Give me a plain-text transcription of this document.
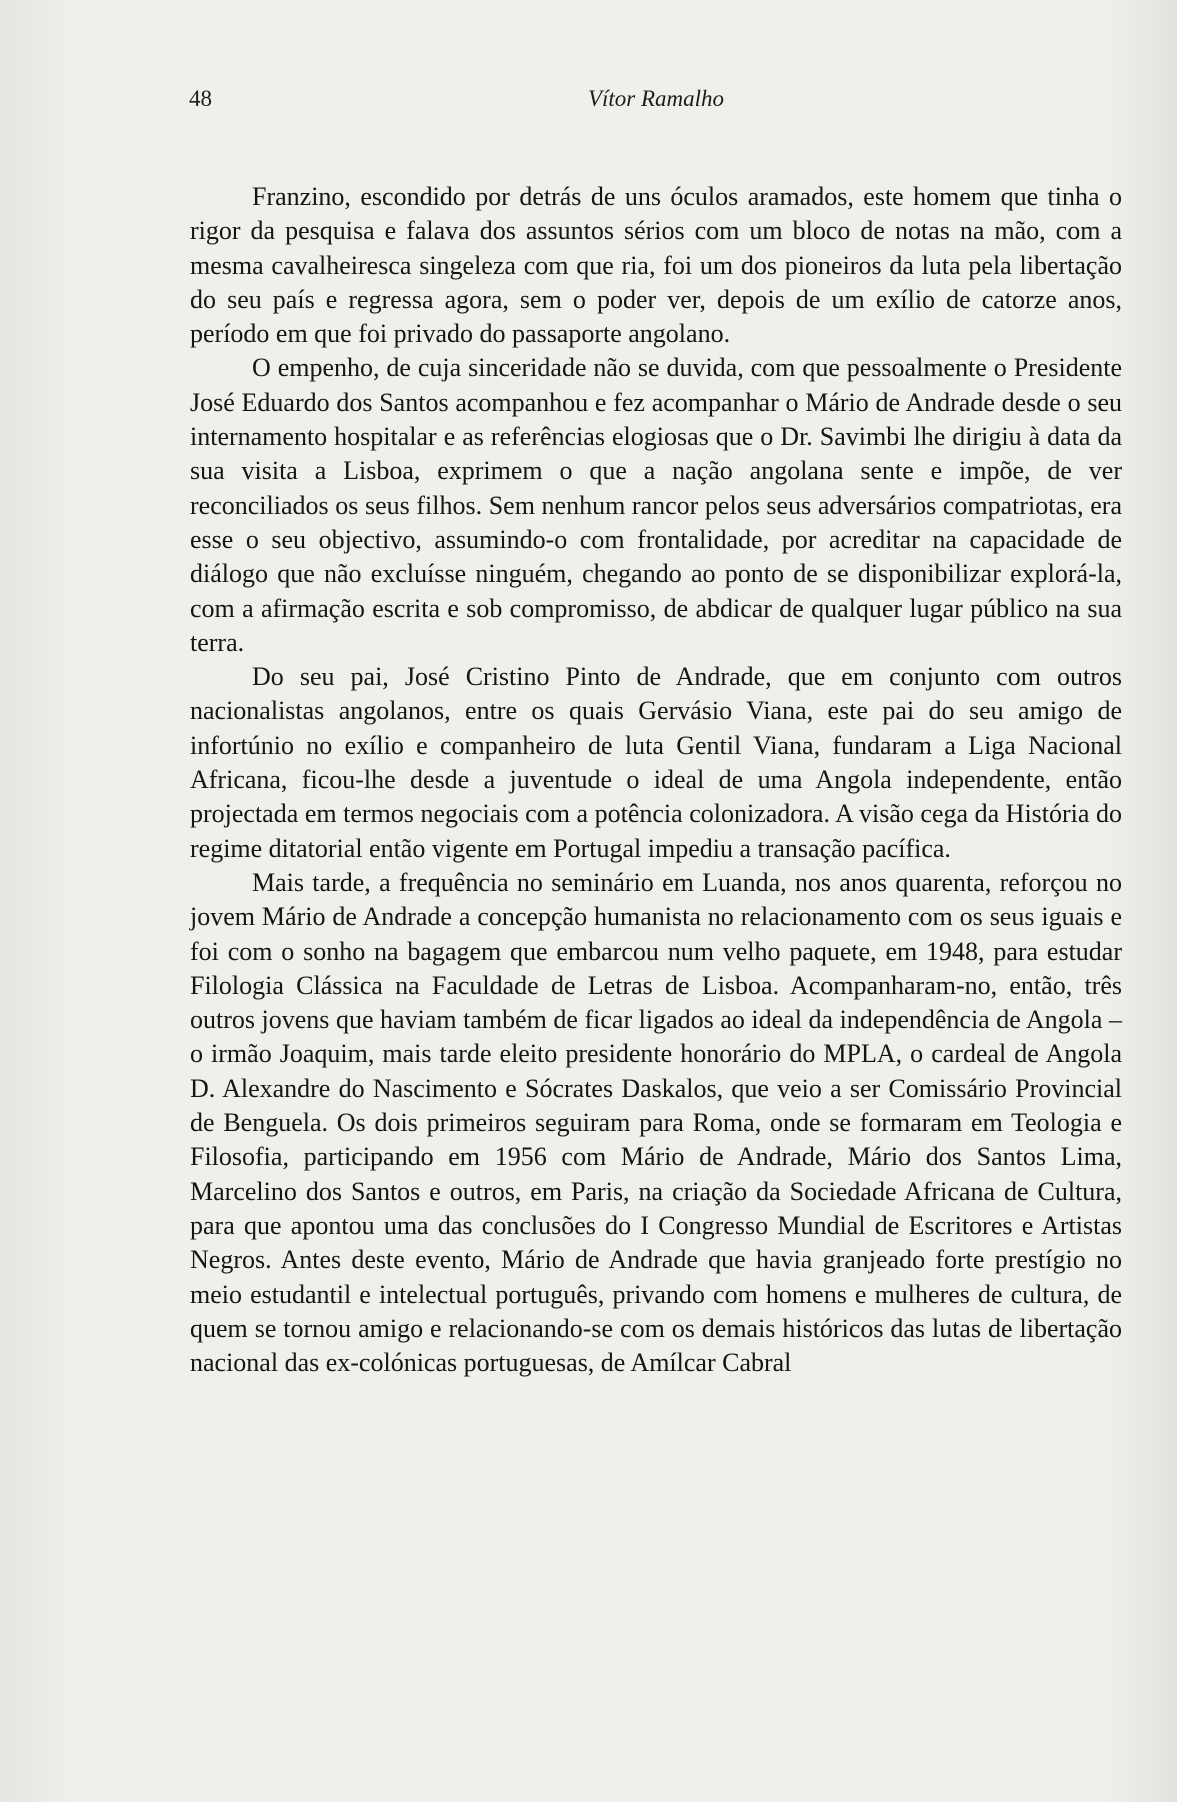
48	Vítor Ramalho

Franzino, escondido por detrás de uns óculos aramados, este homem que tinha o rigor da pesquisa e falava dos assuntos sérios com um bloco de notas na mão, com a mesma cavalheiresca singeleza com que ria, foi um dos pioneiros da luta pela libertação do seu país e regressa agora, sem o poder ver, depois de um exílio de catorze anos, período em que foi privado do passaporte angolano.

O empenho, de cuja sinceridade não se duvida, com que pessoalmente o Presidente José Eduardo dos Santos acompanhou e fez acompanhar o Mário de Andrade desde o seu internamento hospitalar e as referências elogiosas que o Dr. Savimbi lhe dirigiu à data da sua visita a Lisboa, exprimem o que a nação angolana sente e impõe, de ver reconciliados os seus filhos. Sem nenhum rancor pelos seus adversários compatriotas, era esse o seu objectivo, assumindo-o com frontalidade, por acreditar na capacidade de diálogo que não excluísse ninguém, chegando ao ponto de se disponibilizar explorá-la, com a afirmação escrita e sob compromisso, de abdicar de qualquer lugar público na sua terra.

Do seu pai, José Cristino Pinto de Andrade, que em conjunto com outros nacionalistas angolanos, entre os quais Gervásio Viana, este pai do seu amigo de infortúnio no exílio e companheiro de luta Gentil Viana, fundaram a Liga Nacional Africana, ficou-lhe desde a juventude o ideal de uma Angola independente, então projectada em termos negociais com a potência colonizadora. A visão cega da História do regime ditatorial então vigente em Portugal impediu a transação pacífica.

Mais tarde, a frequência no seminário em Luanda, nos anos quarenta, reforçou no jovem Mário de Andrade a concepção humanista no relacionamento com os seus iguais e foi com o sonho na bagagem que embarcou num velho paquete, em 1948, para estudar Filologia Clássica na Faculdade de Letras de Lisboa. Acompanharam-no, então, três outros jovens que haviam também de ficar ligados ao ideal da independência de Angola – o irmão Joaquim, mais tarde eleito presidente honorário do MPLA, o cardeal de Angola D. Alexandre do Nascimento e Sócrates Daskalos, que veio a ser Comissário Provincial de Benguela. Os dois primeiros seguiram para Roma, onde se formaram em Teologia e Filosofia, participando em 1956 com Mário de Andrade, Mário dos Santos Lima, Marcelino dos Santos e outros, em Paris, na criação da Sociedade Africana de Cultura, para que apontou uma das conclusões do I Congresso Mundial de Escritores e Artistas Negros. Antes deste evento, Mário de Andrade que havia granjeado forte prestígio no meio estudantil e intelectual português, privando com homens e mulheres de cultura, de quem se tornou amigo e relacionando-se com os demais históricos das lutas de libertação nacional das ex-colónicas portuguesas, de Amílcar Cabral
